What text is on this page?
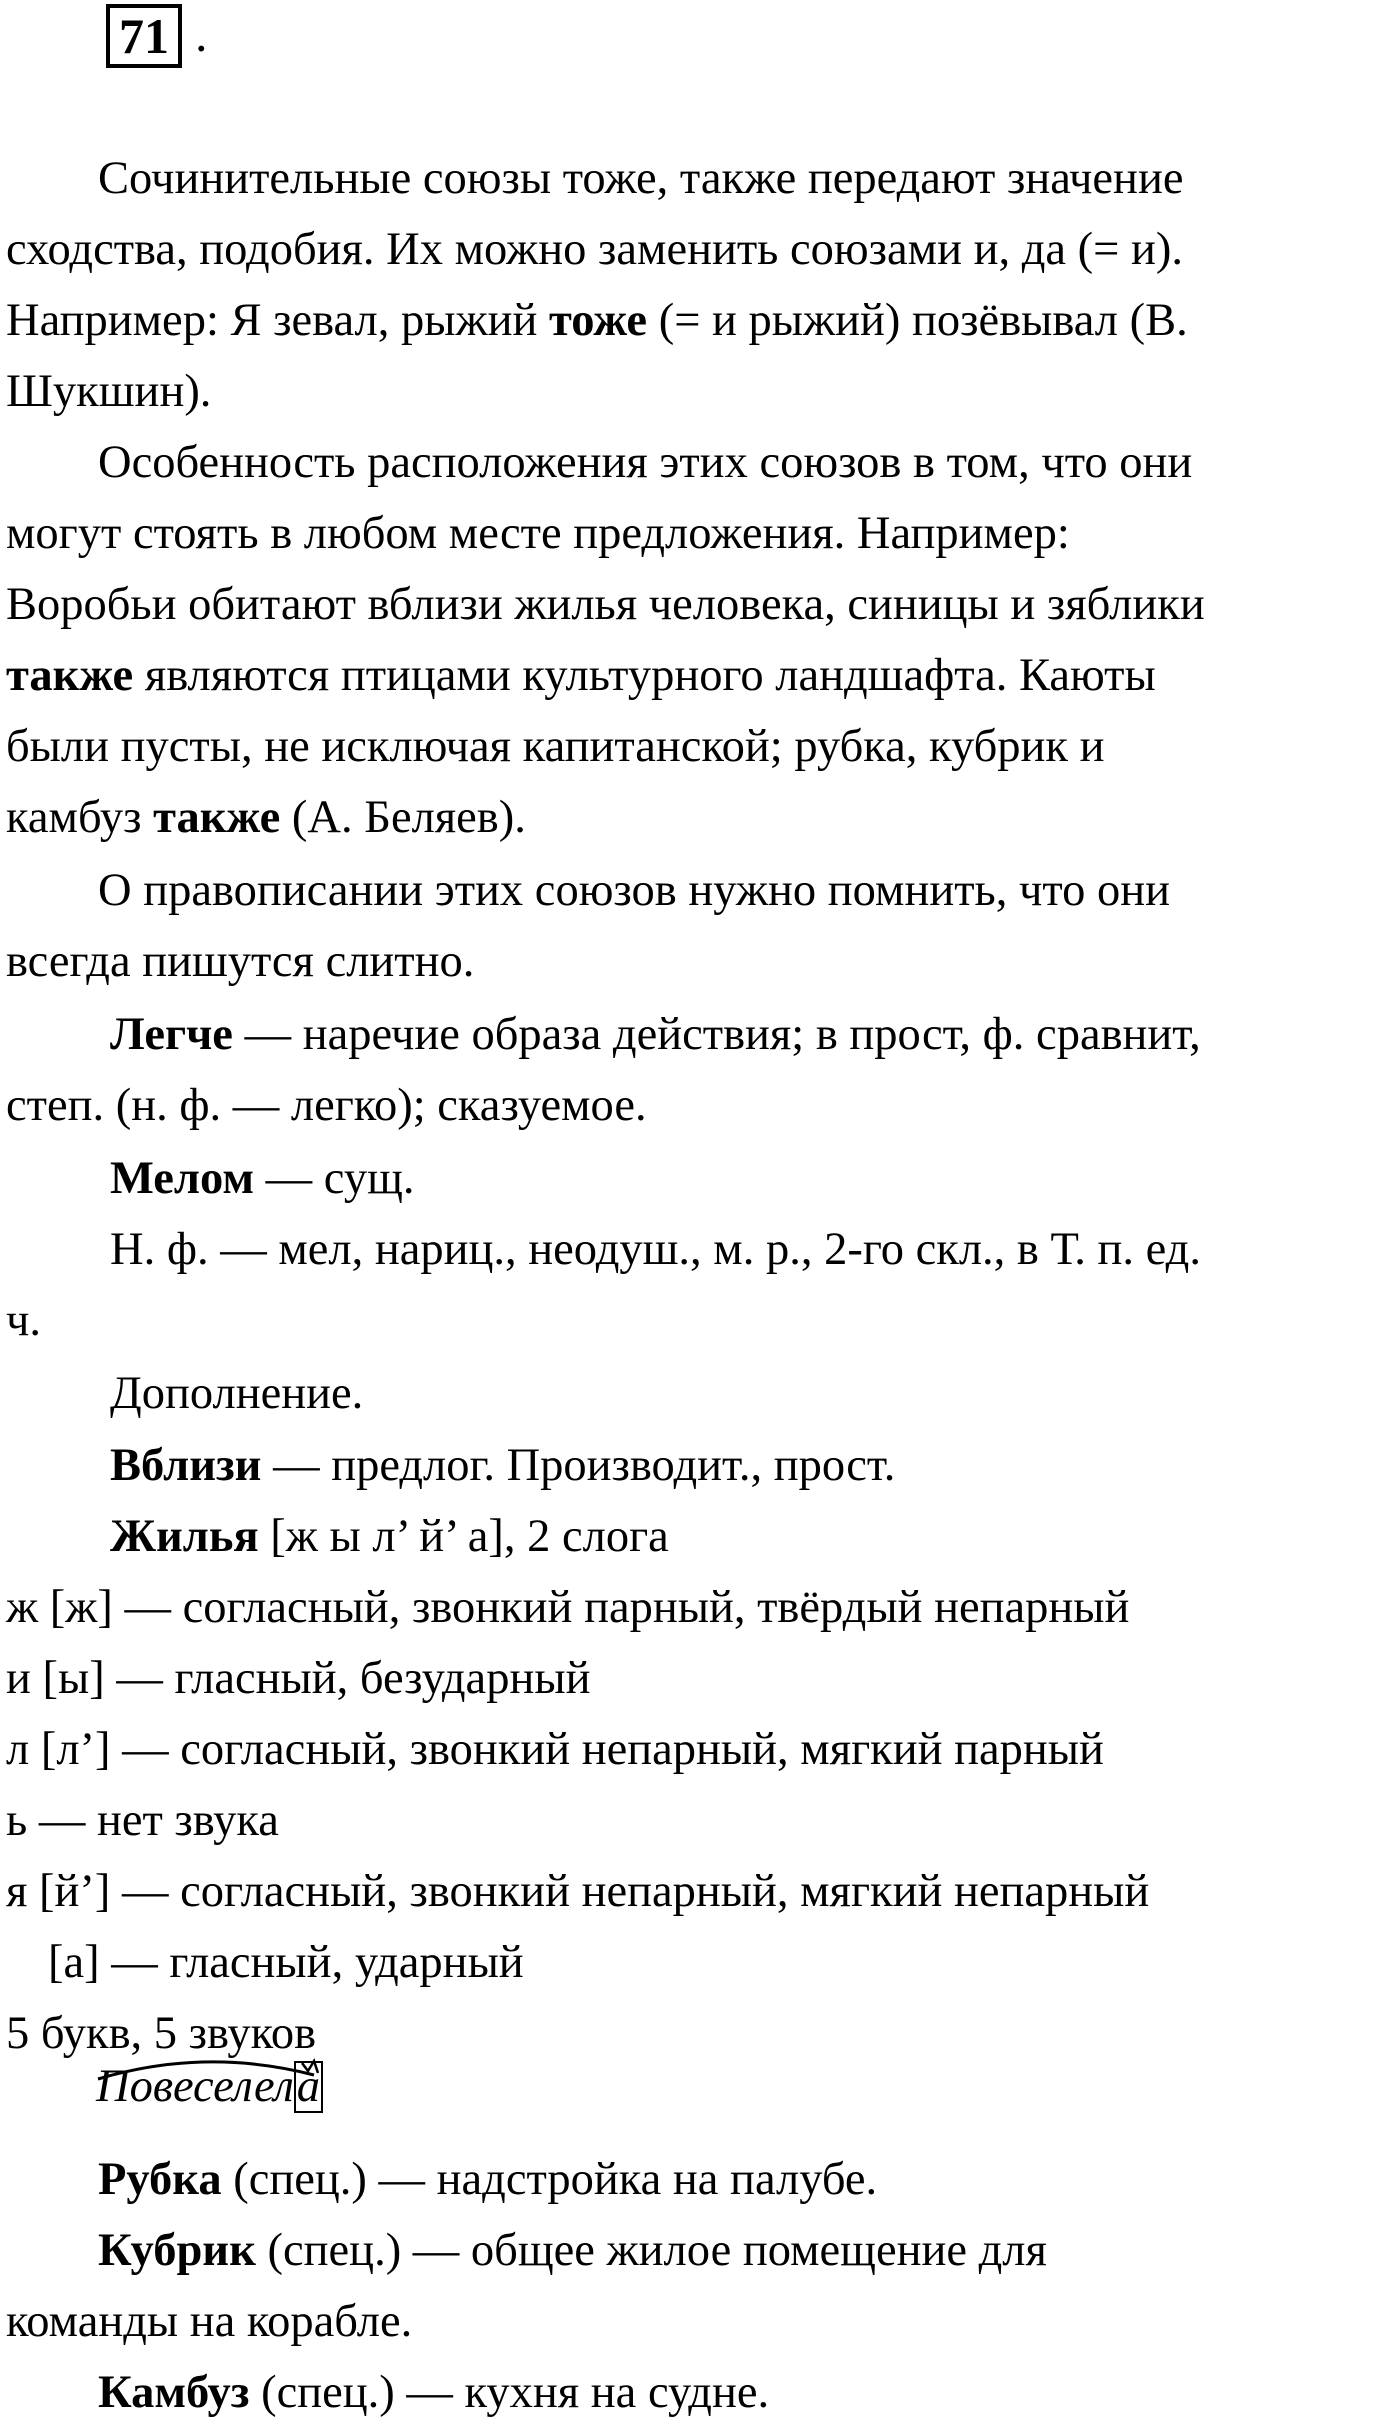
71 .
Сочинительные союзы тоже, также передают значение
сходства, подобия. Их можно заменить союзами и, да (= и).
Например: Я зевал, рыжий тоже (= и рыжий) позёвывал (В.
Шукшин).
Особенность расположения этих союзов в том, что они
могут стоять в любом месте предложения. Например:
Воробьи обитают вблизи жилья человека, синицы и зяблики
также являются птицами культурного ландшафта. Каюты
были пусты, не исключая капитанской; рубка, кубрик и
камбуз также (А. Беляев).
О правописании этих союзов нужно помнить, что они
всегда пишутся слитно.
Легче — наречие образа действия; в прост, ф. сравнит,
степ. (н. ф. — легко); сказуемое.
Мелом — сущ.
Н. ф. — мел, нариц., неодуш., м. р., 2-го скл., в Т. п. ед.
ч.
Дополнение.
Вблизи — предлог. Производит., прост.
Жилья [ж ы л’ й’ а], 2 слога
ж [ж] — согласный, звонкий парный, твёрдый непарный
и [ы] — гласный, безударный
л [л’] — согласный, звонкий непарный, мягкий парный
ь — нет звука
я [й’] — согласный, звонкий непарный, мягкий непарный
[а] — гласный, ударный
5 букв, 5 звуков
Повеселела
Рубка (спец.) — надстройка на палубе.
Кубрик (спец.) — общее жилое помещение для
команды на корабле.
Камбуз (спец.) — кухня на судне.
